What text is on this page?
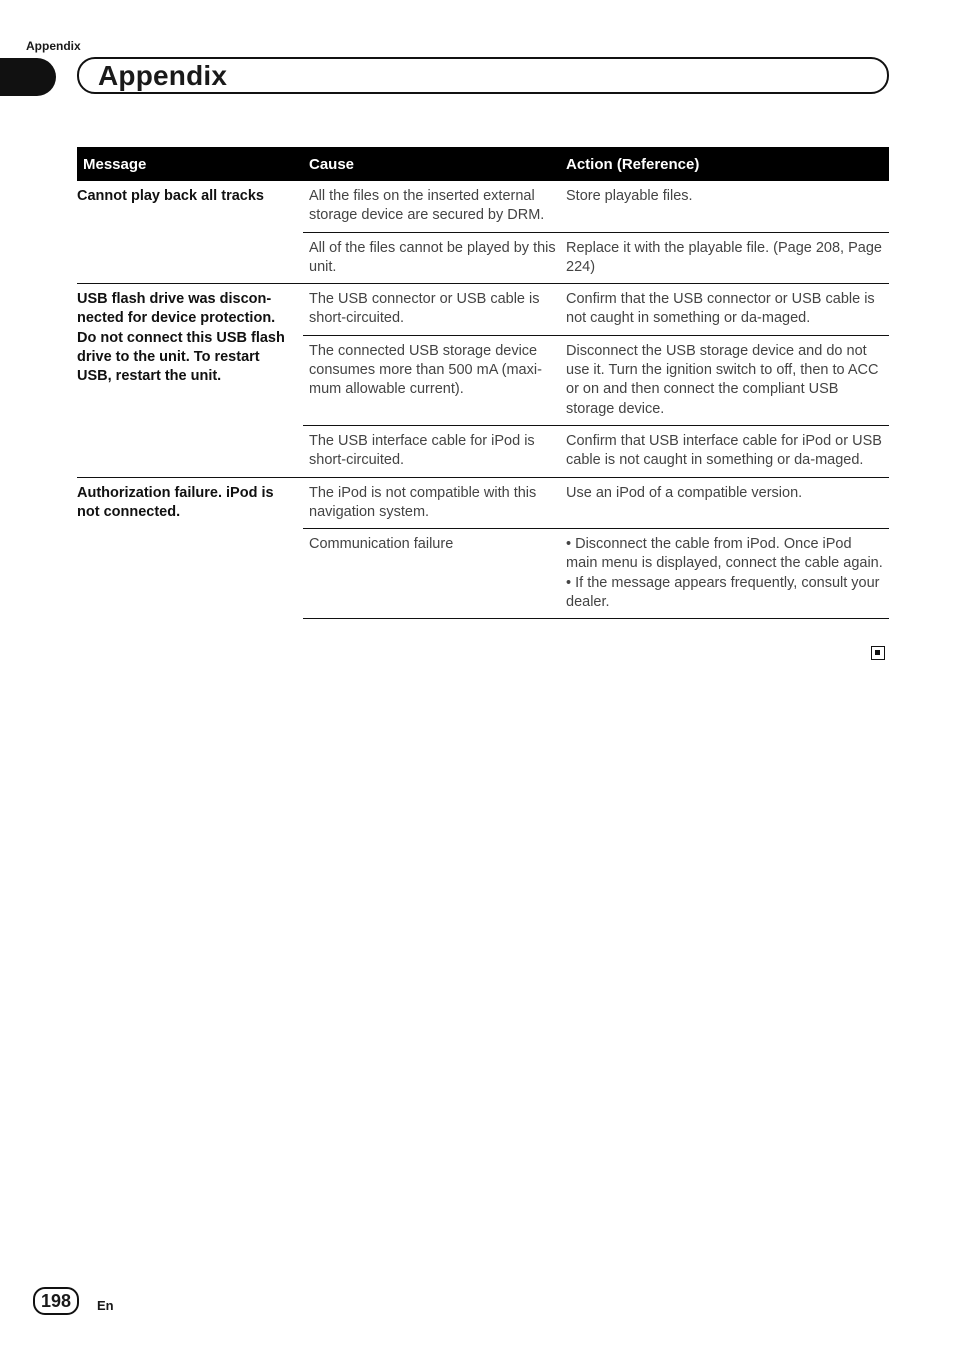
Appendix
Appendix
Message	Cause	Action (Reference)
Cannot play back all tracks	All the files on the inserted external storage device are secured by DRM.	Store playable files.

	All of the files cannot be played by this unit.	Replace it with the playable file. (Page 208, Page 224)

USB flash drive was discon-nected for device protection. Do not connect this USB flash drive to the unit. To restart USB, restart the unit.	The USB connector or USB cable is short-circuited.	Confirm that the USB connector or USB cable is not caught in something or da-maged.

	The connected USB storage device consumes more than 500 mA (maxi-mum allowable current).	Disconnect the USB storage device and do not use it. Turn the ignition switch to off, then to ACC or on and then connect the compliant USB storage device.

	The USB interface cable for iPod is short-circuited.	Confirm that USB interface cable for iPod or USB cable is not caught in something or da-maged.

Authorization failure. iPod is not connected.	The iPod is not compatible with this navigation system.	Use an iPod of a compatible version.

	Communication failure	• Disconnect the cable from iPod. Once iPod main menu is displayed, connect the cable again.
• If the message appears frequently, consult your dealer.
198	En
